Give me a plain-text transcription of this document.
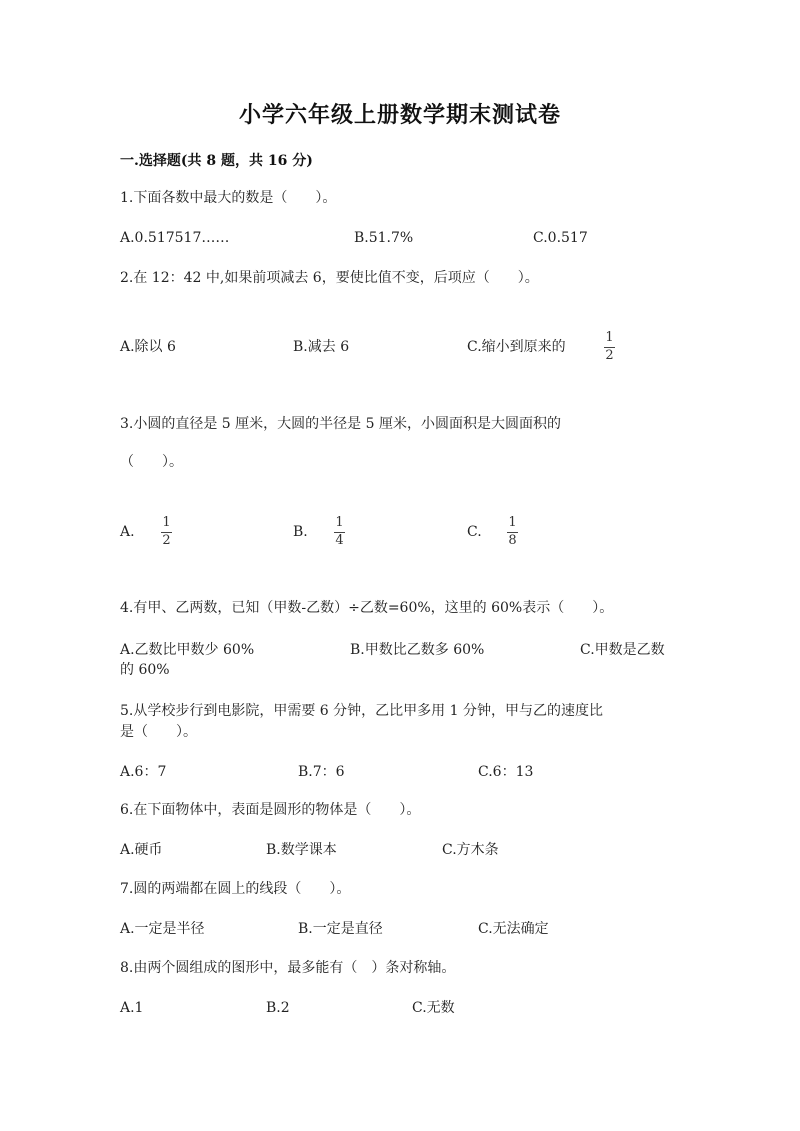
小学六年级上册数学期末测试卷
一.选择题(共 8 题，共 16 分)
1.下面各数中最大的数是（　　）。
A.0.517517……	B.51.7%	C.0.517
2.在 12：42 中,如果前项减去 6，要使比值不变，后项应（　　）。
A.除以 6	B.减去 6	C.缩小到原来的
1
2
3.小圆的直径是 5 厘米，大圆的半径是 5 厘米，小圆面积是大圆面积的
（　　）。
A.
1
2
B.
1
4
C.
1
8
4.有甲、乙两数，已知（甲数-乙数）÷乙数=60%，这里的 60%表示（　　）。
A.乙数比甲数少 60%	B.甲数比乙数多 60%	C.甲数是乙数
的 60%
5.从学校步行到电影院，甲需要 6 分钟，乙比甲多用 1 分钟，甲与乙的速度比
是（　　）。
A.6：7	B.7：6	C.6：13
6.在下面物体中，表面是圆形的物体是（　　）。
A.硬币	B.数学课本	C.方木条
7.圆的两端都在圆上的线段（　　）。
A.一定是半径	B.一定是直径	C.无法确定
8.由两个圆组成的图形中，最多能有（　）条对称轴。
A.1	B.2	C.无数
